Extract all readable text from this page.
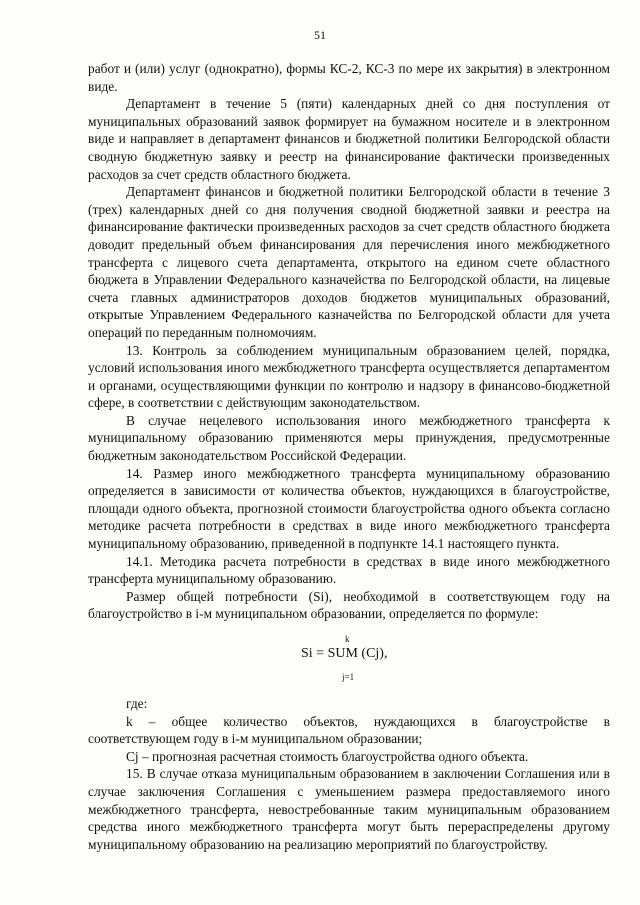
51

работ и (или) услуг (однократно), формы КС-2, КС-3 по мере их закрытия) в электронном виде.

Департамент в течение 5 (пяти) календарных дней со дня поступления от муниципальных образований заявок формирует на бумажном носителе и в электронном виде и направляет в департамент финансов и бюджетной политики Белгородской области сводную бюджетную заявку и реестр на финансирование фактически произведенных расходов за счет средств областного бюджета.

Департамент финансов и бюджетной политики Белгородской области в течение 3 (трех) календарных дней со дня получения сводной бюджетной заявки и реестра на финансирование фактически произведенных расходов за счет средств областного бюджета доводит предельный объем финансирования для перечисления иного межбюджетного трансферта с лицевого счета департамента, открытого на едином счете областного бюджета в Управлении Федерального казначейства по Белгородской области, на лицевые счета главных администраторов доходов бюджетов муниципальных образований, открытые Управлением Федерального казначейства по Белгородской области для учета операций по переданным полномочиям.

13. Контроль за соблюдением муниципальным образованием целей, порядка, условий использования иного межбюджетного трансферта осуществляется департаментом и органами, осуществляющими функции по контролю и надзору в финансово-бюджетной сфере, в соответствии с действующим законодательством.

В случае нецелевого использования иного межбюджетного трансферта к муниципальному образованию применяются меры принуждения, предусмотренные бюджетным законодательством Российской Федерации.

14. Размер иного межбюджетного трансферта муниципальному образованию определяется в зависимости от количества объектов, нуждающихся в благоустройстве, площади одного объекта, прогнозной стоимости благоустройства одного объекта согласно методике расчета потребности в средствах в виде иного межбюджетного трансферта муниципальному образованию, приведенной в подпункте 14.1 настоящего пункта.

14.1. Методика расчета потребности в средствах в виде иного межбюджетного трансферта муниципальному образованию.

Размер общей потребности (Si), необходимой в соответствующем году на благоустройство в i-м муниципальном образовании, определяется по формуле:

k
Si = SUM (Cj),
j=1

где:

k – общее количество объектов, нуждающихся в благоустройстве в соответствующем году в i-м муниципальном образовании;

Cj – прогнозная расчетная стоимость благоустройства одного объекта.

15. В случае отказа муниципальным образованием в заключении Соглашения или в случае заключения Соглашения с уменьшением размера предоставляемого иного межбюджетного трансферта, невостребованные таким муниципальным образованием средства иного межбюджетного трансферта могут быть перераспределены другому муниципальному образованию на реализацию мероприятий по благоустройству.
